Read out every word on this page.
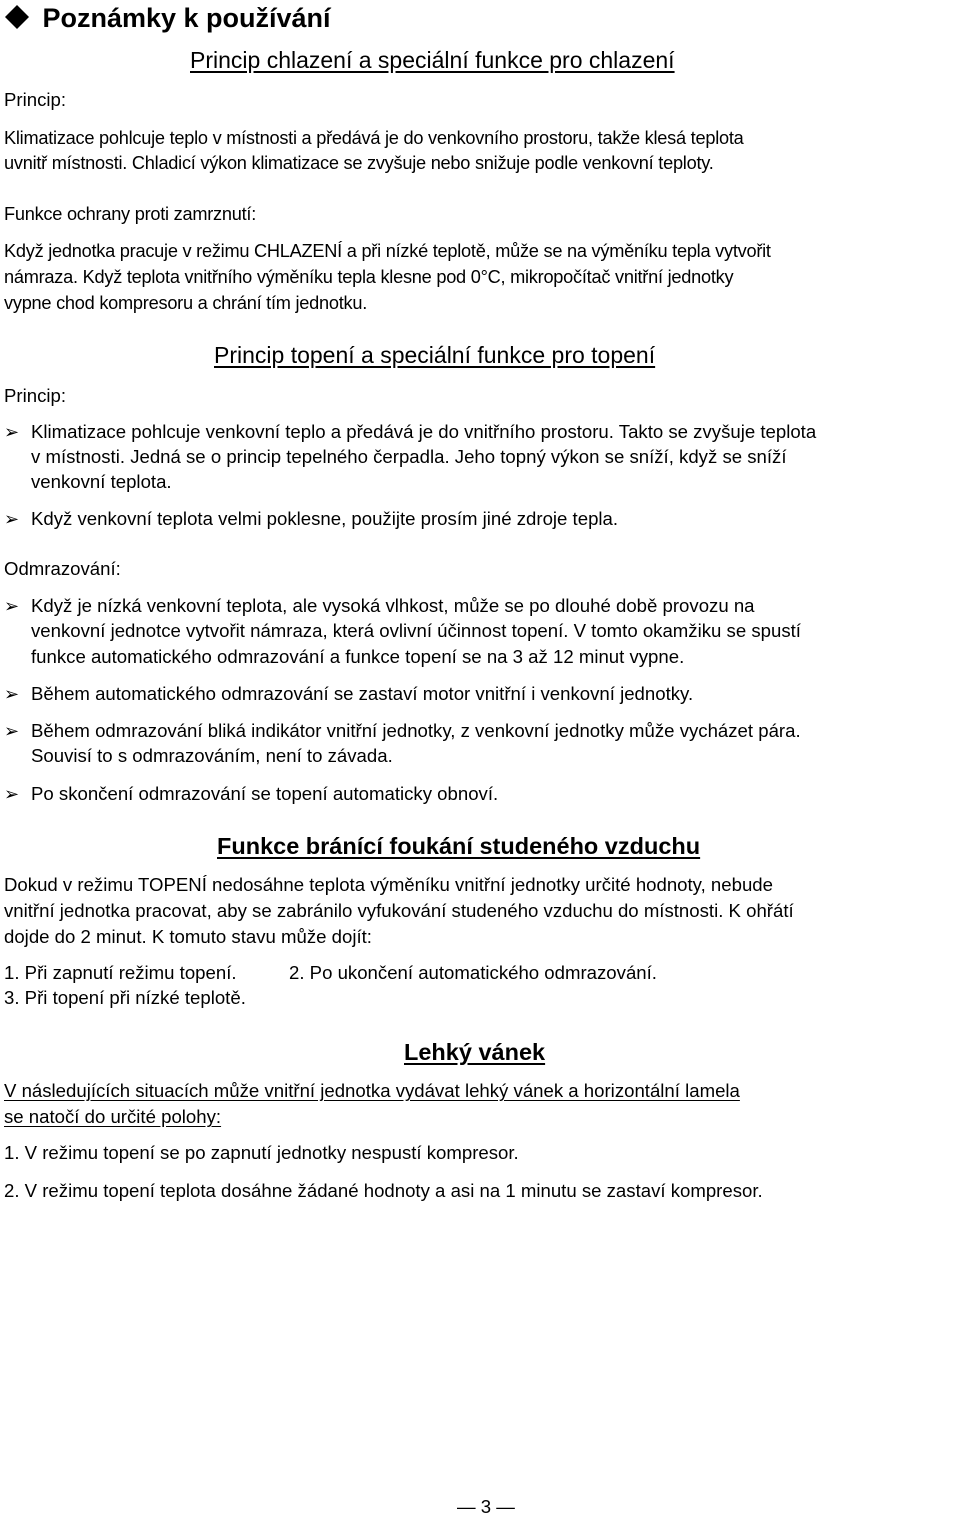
Poznámky k používání
Princip chlazení a speciální funkce pro chlazení
Princip:
Klimatizace pohlcuje teplo v místnosti a předává je do venkovního prostoru, takže klesá teplota
uvnitř místnosti. Chladicí výkon klimatizace se zvyšuje nebo snižuje podle venkovní teploty.
Funkce ochrany proti zamrznutí:
Když jednotka pracuje v režimu CHLAZENÍ a při nízké teplotě, může se na výměníku tepla vytvořit
námraza. Když teplota vnitřního výměníku tepla klesne pod 0°C, mikropočítač vnitřní jednotky
vypne chod kompresoru a chrání tím jednotku.
Princip topení a speciální funkce pro topení
Princip:
➢ Klimatizace pohlcuje venkovní teplo a předává je do vnitřního prostoru. Takto se zvyšuje teplota
v místnosti. Jedná se o princip tepelného čerpadla. Jeho topný výkon se sníží, když se sníží
venkovní teplota.
➢ Když venkovní teplota velmi poklesne, použijte prosím jiné zdroje tepla.
Odmrazování:
➢ Když je nízká venkovní teplota, ale vysoká vlhkost, může se po dlouhé době provozu na
venkovní jednotce vytvořit námraza, která ovlivní účinnost topení. V tomto okamžiku se spustí
funkce automatického odmrazování a funkce topení se na 3 až 12 minut vypne.
➢ Během automatického odmrazování se zastaví motor vnitřní i venkovní jednotky.
➢ Během odmrazování bliká indikátor vnitřní jednotky, z venkovní jednotky může vycházet pára.
Souvisí to s odmrazováním, není to závada.
➢ Po skončení odmrazování se topení automaticky obnoví.
Funkce bránící foukání studeného vzduchu
Dokud v režimu TOPENÍ nedosáhne teplota výměníku vnitřní jednotky určité hodnoty, nebude
vnitřní jednotka pracovat, aby se zabránilo vyfukování studeného vzduchu do místnosti. K ohřátí
dojde do 2 minut. K tomuto stavu může dojít:
1. Při zapnutí režimu topení.	2. Po ukončení automatického odmrazování.
3. Při topení při nízké teplotě.
Lehký vánek
V následujících situacích může vnitřní jednotka vydávat lehký vánek a horizontální lamela
se natočí do určité polohy:
1. V režimu topení se po zapnutí jednotky nespustí kompresor.
2. V režimu topení teplota dosáhne žádané hodnoty a asi na 1 minutu se zastaví kompresor.
— 3 —
